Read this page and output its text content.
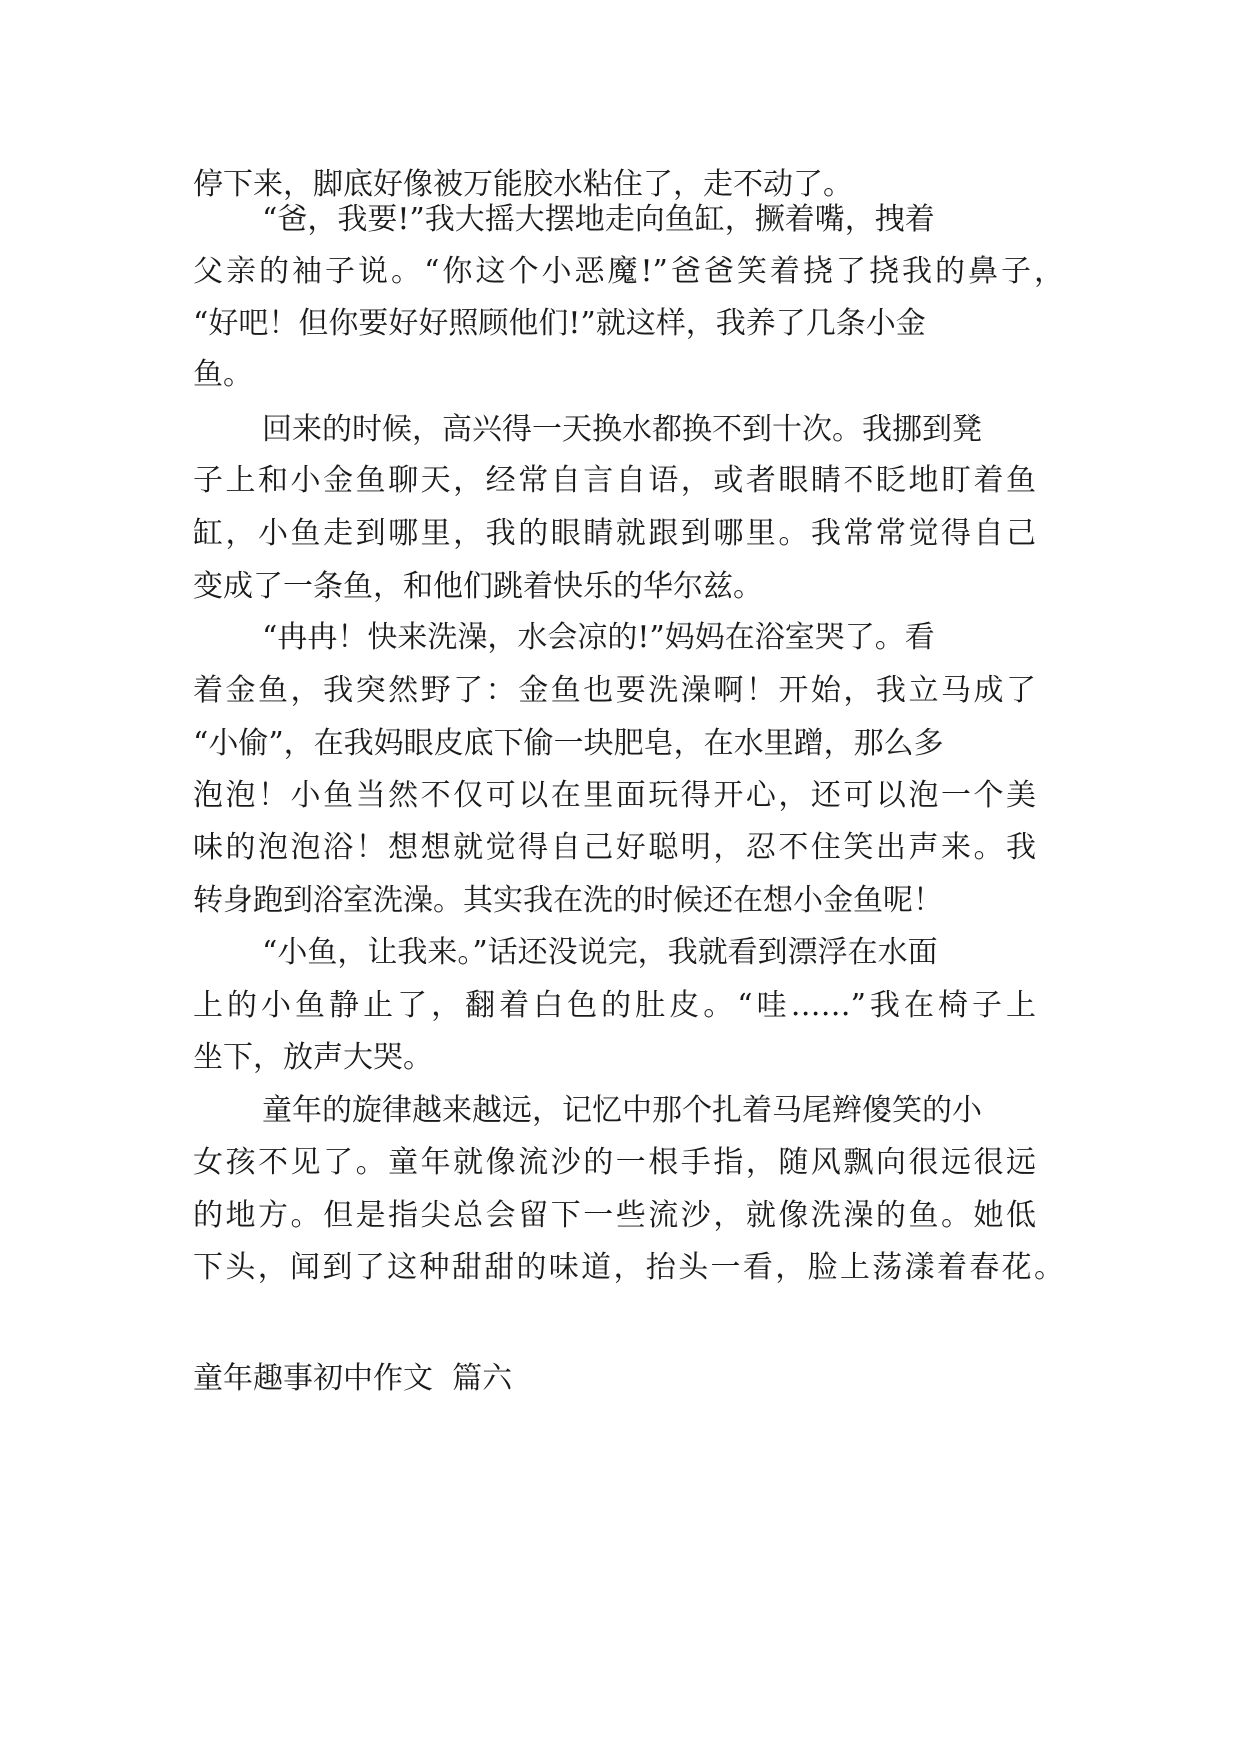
停下来，脚底好像被万能胶水粘住了，走不动了。
“爸，我要!”我大摇大摆地走向鱼缸，撅着嘴，拽着
父亲的袖子说。“你这个小恶魔!”爸爸笑着挠了挠我的鼻子，
“好吧！但你要好好照顾他们!”就这样，我养了几条小金
鱼。
回来的时候，高兴得一天换水都换不到十次。我挪到凳
子上和小金鱼聊天，经常自言自语，或者眼睛不眨地盯着鱼
缸，小鱼走到哪里，我的眼睛就跟到哪里。我常常觉得自己
变成了一条鱼，和他们跳着快乐的华尔兹。
“冉冉！快来洗澡，水会凉的!”妈妈在浴室哭了。看
着金鱼，我突然野了：金鱼也要洗澡啊！开始，我立马成了
“小偷”，在我妈眼皮底下偷一块肥皂，在水里蹭，那么多
泡泡！小鱼当然不仅可以在里面玩得开心，还可以泡一个美
味的泡泡浴！想想就觉得自己好聪明，忍不住笑出声来。我
转身跑到浴室洗澡。其实我在洗的时候还在想小金鱼呢！
“小鱼，让我来。”话还没说完，我就看到漂浮在水面
上的小鱼静止了，翻着白色的肚皮。“哇……”我在椅子上
坐下，放声大哭。
童年的旋律越来越远，记忆中那个扎着马尾辫傻笑的小
女孩不见了。童年就像流沙的一根手指，随风飘向很远很远
的地方。但是指尖总会留下一些流沙，就像洗澡的鱼。她低
下头，闻到了这种甜甜的味道，抬头一看，脸上荡漾着春花。
童年趣事初中作文  篇六
